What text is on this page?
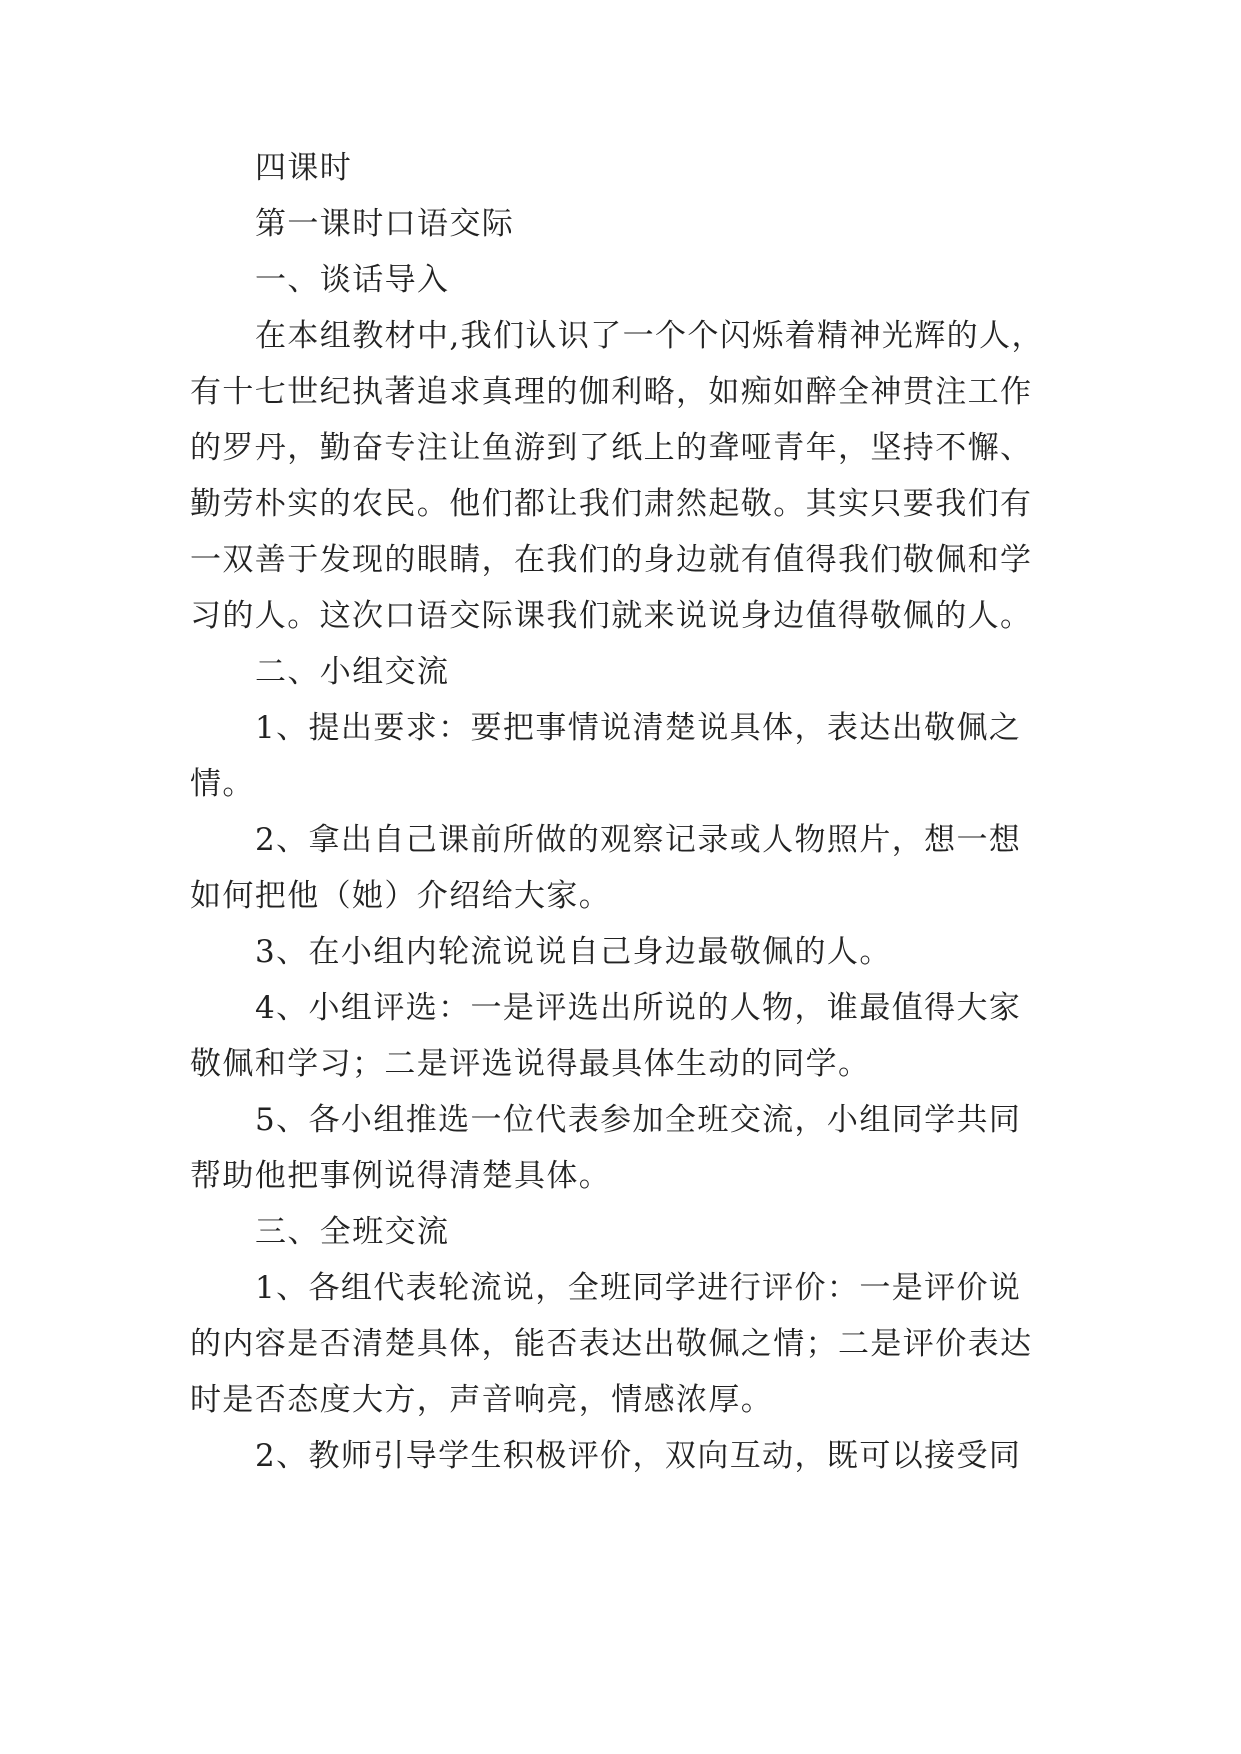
四课时
第一课时口语交际
一、谈话导入
在本组教材中,我们认识了一个个闪烁着精神光辉的人，
有十七世纪执著追求真理的伽利略，如痴如醉全神贯注工作
的罗丹，勤奋专注让鱼游到了纸上的聋哑青年，坚持不懈、
勤劳朴实的农民。他们都让我们肃然起敬。其实只要我们有
一双善于发现的眼睛，在我们的身边就有值得我们敬佩和学
习的人。这次口语交际课我们就来说说身边值得敬佩的人。
二、小组交流
1、提出要求：要把事情说清楚说具体，表达出敬佩之
情。
2、拿出自己课前所做的观察记录或人物照片，想一想
如何把他（她）介绍给大家。
3、在小组内轮流说说自己身边最敬佩的人。
4、小组评选：一是评选出所说的人物，谁最值得大家
敬佩和学习；二是评选说得最具体生动的同学。
5、各小组推选一位代表参加全班交流，小组同学共同
帮助他把事例说得清楚具体。
三、全班交流
1、各组代表轮流说，全班同学进行评价：一是评价说
的内容是否清楚具体，能否表达出敬佩之情；二是评价表达
时是否态度大方，声音响亮，情感浓厚。
2、教师引导学生积极评价，双向互动，既可以接受同
